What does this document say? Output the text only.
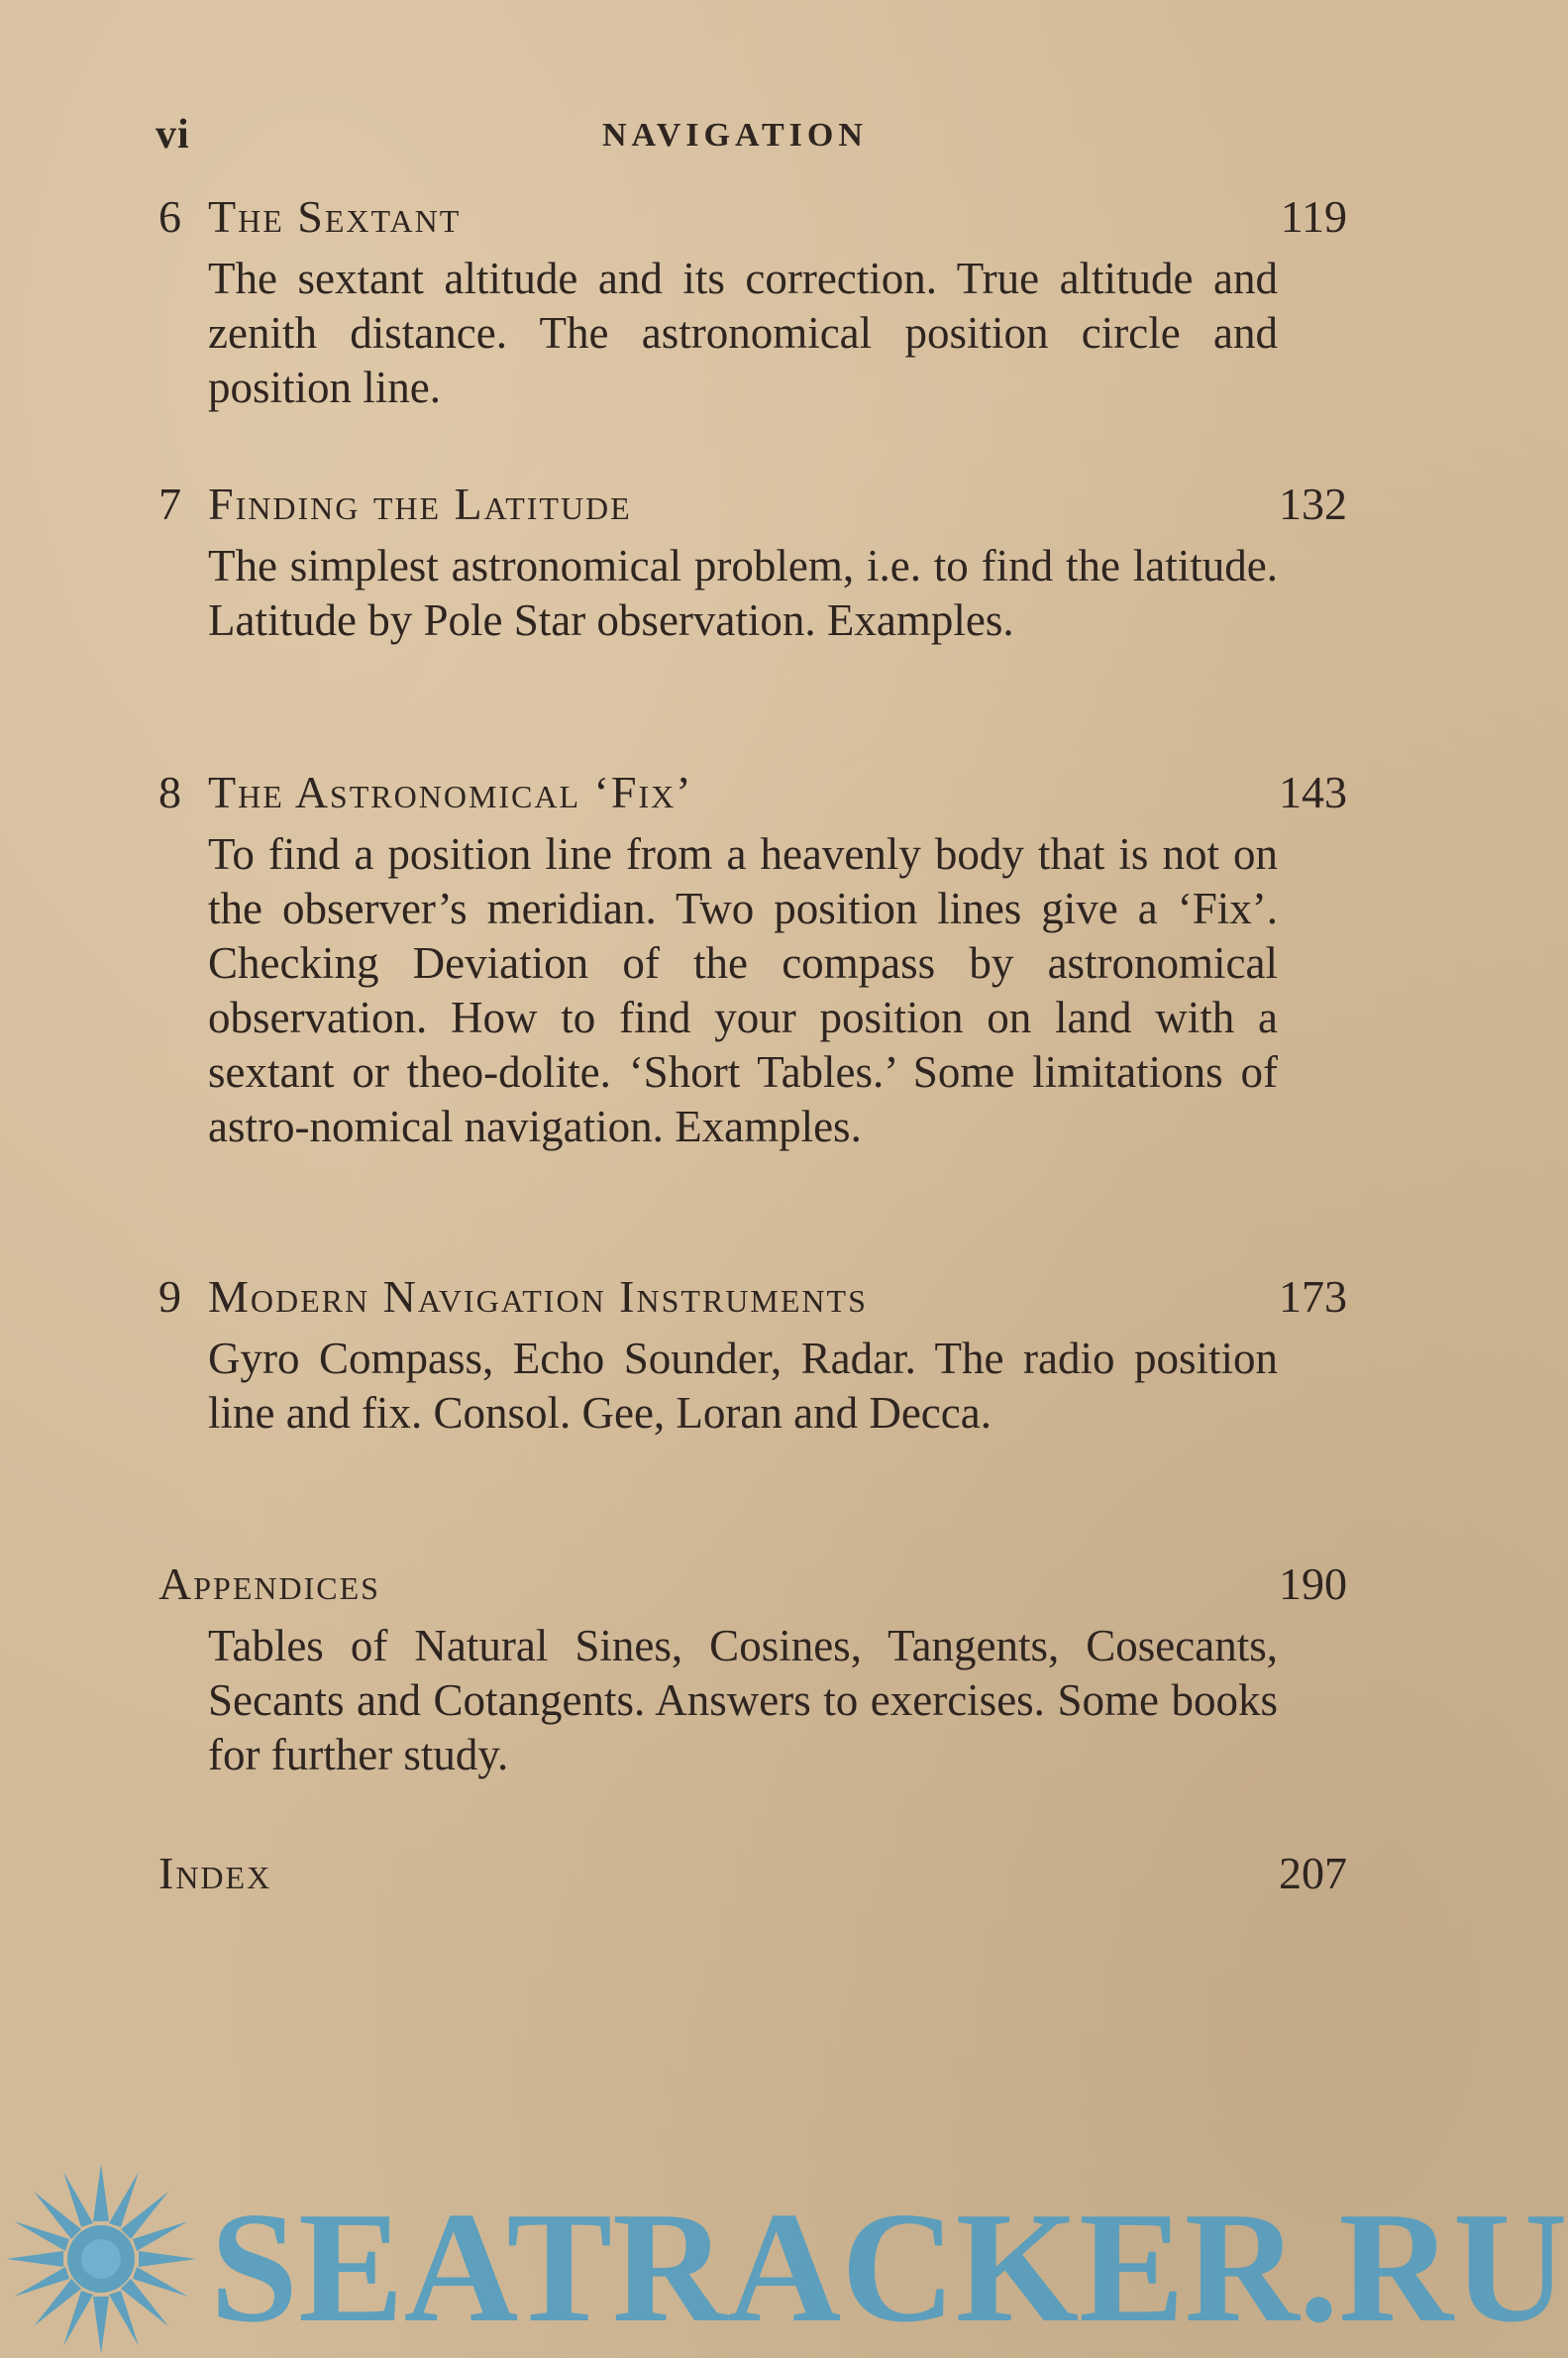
vi	NAVIGATION
6 The Sextant	119

The sextant altitude and its correction. True altitude and zenith distance. The astronomical position circle and position line.

7 Finding the Latitude	132

The simplest astronomical problem, i.e. to find the latitude. Latitude by Pole Star observation. Examples.

8 The Astronomical ‘Fix’	143

To find a position line from a heavenly body that is not on the observer’s meridian. Two position lines give a ‘Fix’. Checking Deviation of the compass by astronomical observation. How to find your position on land with a sextant or theo-dolite. ‘Short Tables.’ Some limitations of astro-nomical navigation. Examples.

9 Modern Navigation Instruments	173

Gyro Compass, Echo Sounder, Radar. The radio position line and fix. Consol. Gee, Loran and Decca.

Appendices	190

Tables of Natural Sines, Cosines, Tangents, Cosecants, Secants and Cotangents. Answers to exercises. Some books for further study.

Index	207
SEATRACKER.RU
